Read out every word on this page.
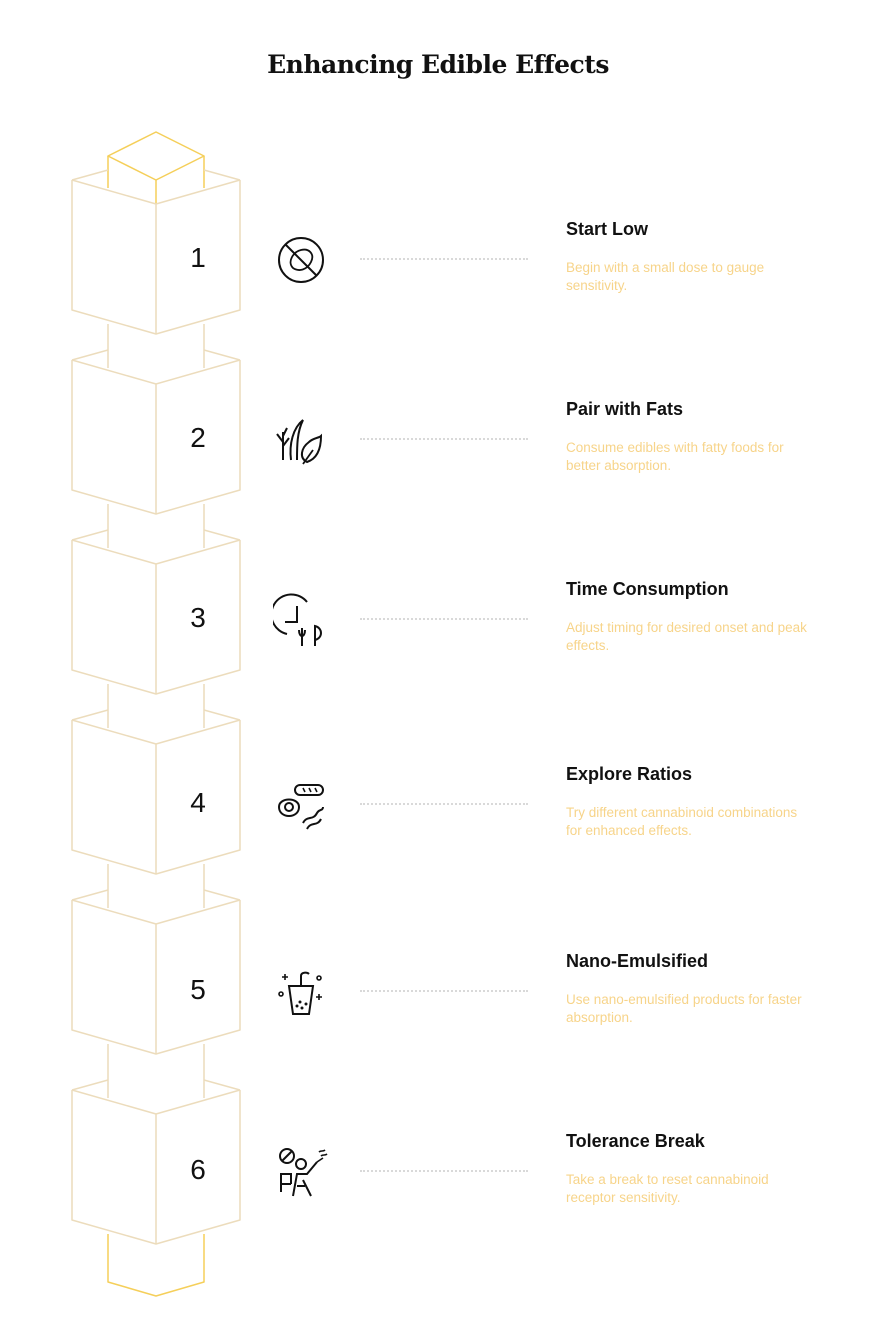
Enhancing Edible Effects
1
Start Low
Begin with a small dose to gauge sensitivity.
2
Pair with Fats
Consume edibles with fatty foods for better absorption.
3
Time Consumption
Adjust timing for desired onset and peak effects.
4
Explore Ratios
Try different cannabinoid combinations for enhanced effects.
5
Nano-Emulsified
Use nano-emulsified products for faster absorption.
6
Tolerance Break
Take a break to reset cannabinoid receptor sensitivity.
